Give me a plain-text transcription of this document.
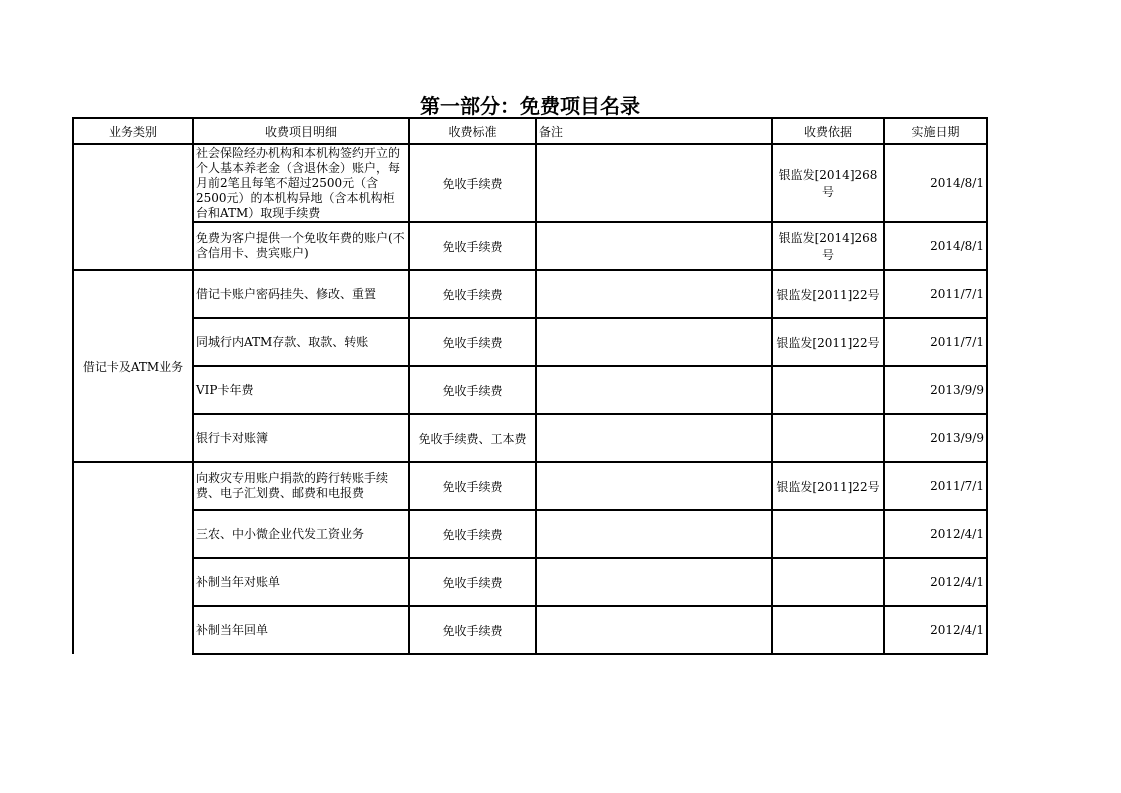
第一部分：免费项目名录
业务类别	收费项目明细	收费标准	备注	收费依据	实施日期
	社会保险经办机构和本机构签约开立的个人基本养老金（含退休金）账户，每月前2笔且每笔不超过2500元（含2500元）的本机构异地（含本机构柜台和ATM）取现手续费	免收手续费		银监发[2014]268号	2014/8/1
	免费为客户提供一个免收年费的账户(不含信用卡、贵宾账户)	免收手续费		银监发[2014]268号	2014/8/1
借记卡及ATM业务	借记卡账户密码挂失、修改、重置	免收手续费		银监发[2011]22号	2011/7/1
	同城行内ATM存款、取款、转账	免收手续费		银监发[2011]22号	2011/7/1
	VIP卡年费	免收手续费			2013/9/9
	银行卡对账簿	免收手续费、工本费			2013/9/9
	向救灾专用账户捐款的跨行转账手续费、电子汇划费、邮费和电报费	免收手续费		银监发[2011]22号	2011/7/1
	三农、中小微企业代发工资业务	免收手续费			2012/4/1
	补制当年对账单	免收手续费			2012/4/1
	补制当年回单	免收手续费			2012/4/1
